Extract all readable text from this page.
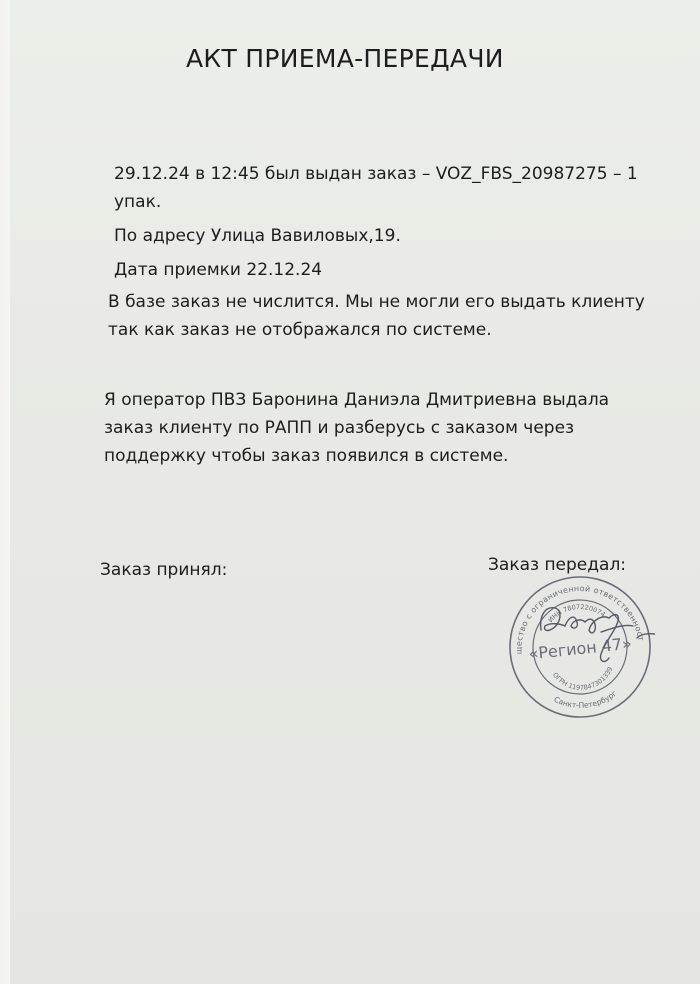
АКТ ПРИЕМА-ПЕРЕДАЧИ

29.12.24 в 12:45 был выдан заказ – VOZ_FBS_20987275 – 1
упак.

По адресу Улица Вавиловых,19.

Дата приемки 22.12.24

В базе заказ не числится. Мы не могли его выдать клиенту
так как заказ не отображался по системе.

Я оператор ПВЗ Баронина Даниэла Дмитриевна выдала
заказ клиенту по РАПП и разберусь с заказом через
поддержку чтобы заказ появился в системе.

Заказ принял:	Заказ передал:
Общество с ограниченной ответственностью
ИНН 7807220074
«Регион 47»
ОГРН 1197847301339
Санкт-Петербург
